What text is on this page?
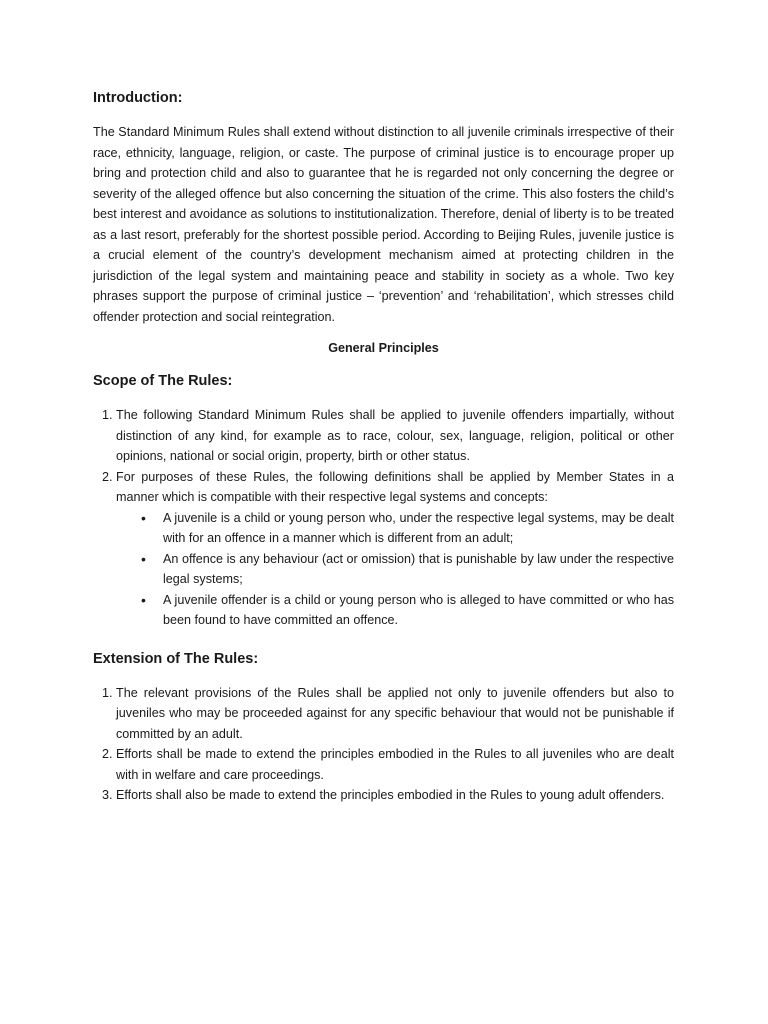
Introduction:

The Standard Minimum Rules shall extend without distinction to all juvenile criminals irrespective of their race, ethnicity, language, religion, or caste. The purpose of criminal justice is to encourage proper up bring and protection child and also to guarantee that he is regarded not only concerning the degree or severity of the alleged offence but also concerning the situation of the crime. This also fosters the child’s best interest and avoidance as solutions to institutionalization. Therefore, denial of liberty is to be treated as a last resort, preferably for the shortest possible period. According to Beijing Rules, juvenile justice is a crucial element of the country’s development mechanism aimed at protecting children in the jurisdiction of the legal system and maintaining peace and stability in society as a whole. Two key phrases support the purpose of criminal justice – ‘prevention’ and ‘rehabilitation’, which stresses child offender protection and social reintegration.

General Principles
Scope of The Rules:
1. The following Standard Minimum Rules shall be applied to juvenile offenders impartially, without distinction of any kind, for example as to race, colour, sex, language, religion, political or other opinions, national or social origin, property, birth or other status.
2. For purposes of these Rules, the following definitions shall be applied by Member States in a manner which is compatible with their respective legal systems and concepts:
• A juvenile is a child or young person who, under the respective legal systems, may be dealt with for an offence in a manner which is different from an adult;
• An offence is any behaviour (act or omission) that is punishable by law under the respective legal systems;
• A juvenile offender is a child or young person who is alleged to have committed or who has been found to have committed an offence.
Extension of The Rules:
1. The relevant provisions of the Rules shall be applied not only to juvenile offenders but also to juveniles who may be proceeded against for any specific behaviour that would not be punishable if committed by an adult.
2. Efforts shall be made to extend the principles embodied in the Rules to all juveniles who are dealt with in welfare and care proceedings.
3. Efforts shall also be made to extend the principles embodied in the Rules to young adult offenders.
